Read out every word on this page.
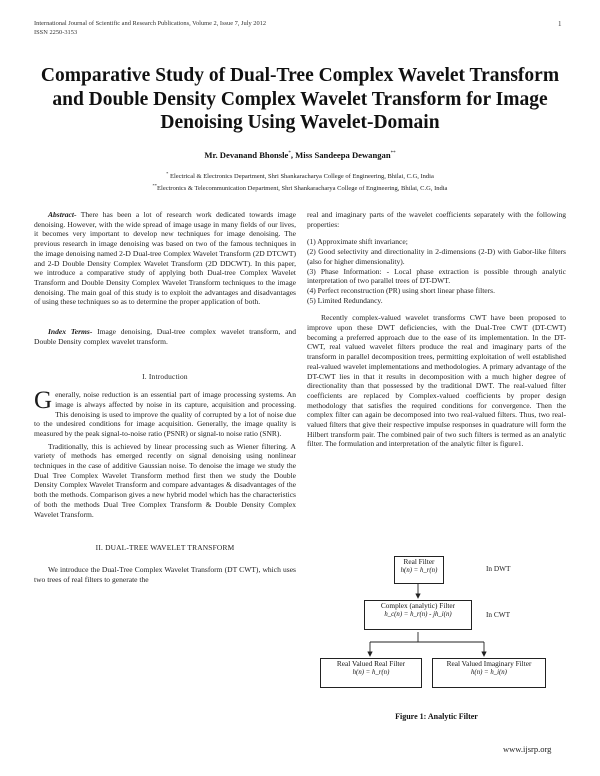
International Journal of Scientific and Research Publications, Volume 2, Issue 7, July 2012
ISSN 2250-3153
1
Comparative Study of Dual-Tree Complex Wavelet Transform and Double Density Complex Wavelet Transform for Image Denoising Using Wavelet-Domain
Mr. Devanand Bhonsle*, Miss Sandeepa Dewangan**
* Electrical & Electronics Department, Shri Shankaracharya College of Engineering, Bhilai, C.G, India
**Electronics & Telecommunication Department, Shri Shankaracharya College of Engineering, Bhilai, C.G, India

Abstract- There has been a lot of research work dedicated towards image denoising. However, with the wide spread of image usage in many fields of our lives, it becomes very important to develop new techniques for image denoising. The previous research in image denoising was based on two of the famous techniques in the image denoising named 2-D Dual-tree Complex Wavelet Transform (2D DTCWT) and 2-D Double Density Complex Wavelet Transform (2D DDCWT). In this paper, we introduce a comparative study of applying both Dual-tree Complex Wavelet Transform and Double Density Complex Wavelet Transform techniques to the image denoising. The main goal of this study is to exploit the advantages and disadvantages of using these techniques so as to determine the proper application of both.

Index Terms- Image denoising, Dual-tree complex wavelet transform, and Double Density complex wavelet transform.

I. Introduction

Generally, noise reduction is an essential part of image processing systems. An image is always affected by noise in its capture, acquisition and processing. This denoising is used to improve the quality of corrupted by a lot of noise due to the undesired conditions for image acquisition. Generally, the image quality is measured by the peak signal-to-noise ratio (PSNR) or signal-to noise ratio (SNR).

Traditionally, this is achieved by linear processing such as Wiener filtering. A variety of methods has emerged recently on signal denoising using nonlinear techniques in the case of additive Gaussian noise. To denoise the image we study the Dual Tree Complex Wavelet Transform method first then we study the Double Density Complex Wavelet Transform and compare advantages & disadvantages of the both the methods. Comparison gives a new hybrid model which has the characteristics of both the methods Dual Tree Complex Transform & Double Density Complex Wavelet Transform.

II. DUAL-TREE WAVELET TRANSFORM

We introduce the Dual-Tree Complex Wavelet Transform (DT CWT), which uses two trees of real filters to generate the

real and imaginary parts of the wavelet coefficients separately with the following properties:

(1) Approximate shift invariance;

(2) Good selectivity and directionality in 2-dimensions (2-D) with Gabor-like filters (also for higher dimensionality).

(3) Phase Information: - Local phase extraction is possible through analytic interpretation of two parallel trees of DT-DWT.

(4) Perfect reconstruction (PR) using short linear phase filters.

(5) Limited Redundancy.

Recently complex-valued wavelet transforms CWT have been proposed to improve upon these DWT deficiencies, with the Dual-Tree CWT (DT-CWT) becoming a preferred approach due to the ease of its implementation. In the DT-CWT, real valued wavelet filters produce the real and imaginary parts of the transform in parallel decomposition trees, permitting exploitation of well established real-valued wavelet implementations and methodologies. A primary advantage of the DT-CWT lies in that it results in decomposition with a much higher degree of directionality than that possessed by the traditional DWT. The real-valued filter coefficients are replaced by Complex-valued coefficients by proper design methodology that satisfies the required conditions for convergence. Then the complex filter can again be decomposed into two real-valued filters. Thus, two real-valued filters that give their respective impulse responses in quadrature will form the Hilbert transform pair. The combined pair of two such filters is termed as an analytic filter. The formulation and interpretation of the analytic filter is figure1.

Real Filter
h(n) = h_r(n)	In DWT
Complex (analytic) Filter
h_c(n) = h_r(n) - jh_i(n)	In CWT
Real Valued Real Filter
h(n) = h_r(n)
Real Valued Imaginary Filter
h(n) = h_i(n)
Figure 1: Analytic Filter
www.ijsrp.org
